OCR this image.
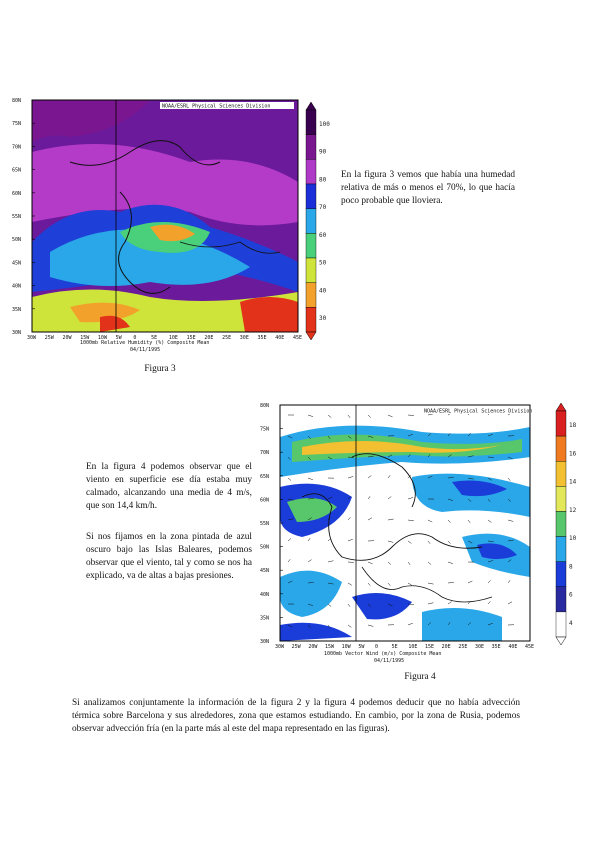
NOAA/ESRL Physical Sciences Division
80N
75N
70N
65N
60N
55N
50N
45N
40N
35N
30N
30W 25W 20W 15W 10W 5W 0	5E 10E 15E 20E 25E 30E 35E 40E 45E
1000mb Relative Humidity (%) Composite Mean
04/11/1995
100
90
80
70
60
50
40
30
Figura 3
En la figura 3 vemos que había una humedad relativa de más o menos el 70%, lo que hacía poco probable que lloviera.
NOAA/ESRL Physical Sciences Division
80N
75N
70N
65N
60N
55N
50N
45N
40N
35N
30N
30W 25W 20W 15W 10W 5W 0	5E 10E 15E 20E 25E 30E 35E 40E 45E
1000mb Vector Wind (m/s) Composite Mean
04/11/1995
18
16
14
12
10
8
6
4
Figura 4
En la figura 4 podemos observar que el viento en superficie ese día estaba muy calmado, alcanzando una media de 4 m/s, que son 14,4 km/h.
Si nos fijamos en la zona pintada de azul oscuro bajo las Islas Baleares, podemos observar que el viento, tal y como se nos ha explicado, va de altas a bajas presiones.
Si analizamos conjuntamente la información de la figura 2 y la figura 4 podemos deducir que no había advección térmica sobre Barcelona y sus alrededores, zona que estamos estudiando. En cambio, por la zona de Rusia, podemos observar advección fría (en la parte más al este del mapa representado en las figuras).
